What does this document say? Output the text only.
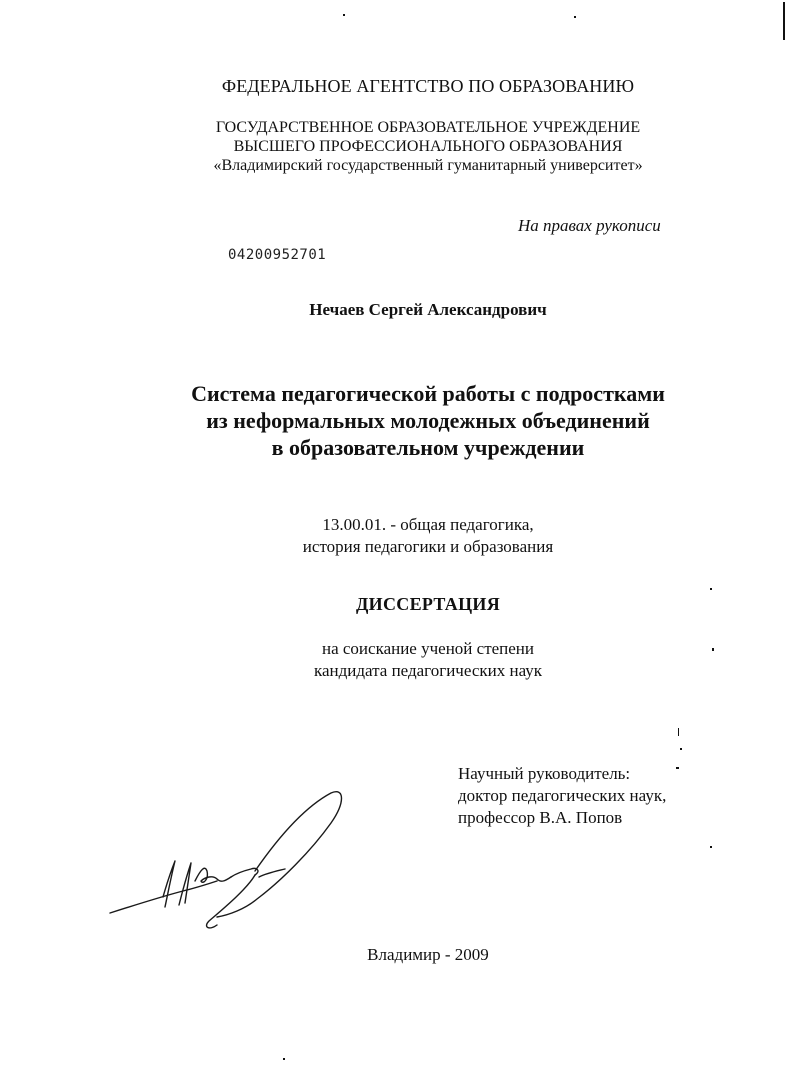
ФЕДЕРАЛЬНОЕ АГЕНТСТВО ПО ОБРАЗОВАНИЮ
ГОСУДАРСТВЕННОЕ ОБРАЗОВАТЕЛЬНОЕ УЧРЕЖДЕНИЕ
ВЫСШЕГО ПРОФЕССИОНАЛЬНОГО ОБРАЗОВАНИЯ
«Владимирский государственный гуманитарный университет»
На правах рукописи
04200952701
Нечаев Сергей Александрович
Система педагогической работы с подростками
из неформальных молодежных объединений
в образовательном учреждении
13.00.01. - общая педагогика,
история педагогики и образования
ДИССЕРТАЦИЯ
на соискание ученой степени
кандидата педагогических наук
Научный руководитель:
доктор педагогических наук,
профессор В.А. Попов
Владимир - 2009
